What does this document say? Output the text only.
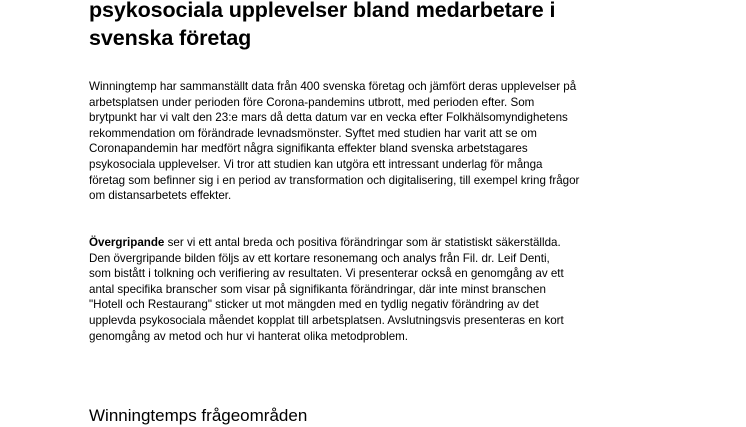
psykosociala upplevelser bland medarbetare i
svenska företag

Winningtemp har sammanställt data från 400 svenska företag och jämfört deras upplevelser på
arbetsplatsen under perioden före Corona-pandemins utbrott, med perioden efter. Som
brytpunkt har vi valt den 23:e mars då detta datum var en vecka efter Folkhälsomyndighetens
rekommendation om förändrade levnadsmönster. Syftet med studien har varit att se om
Coronapandemin har medfört några signifikanta effekter bland svenska arbetstagares
psykosociala upplevelser. Vi tror att studien kan utgöra ett intressant underlag för många
företag som befinner sig i en period av transformation och digitalisering, till exempel kring frågor
om distansarbetets effekter.

Övergripande ser vi ett antal breda och positiva förändringar som är statistiskt säkerställda.
Den övergripande bilden följs av ett kortare resonemang och analys från Fil. dr. Leif Denti,
som bistått i tolkning och verifiering av resultaten. Vi presenterar också en genomgång av ett
antal specifika branscher som visar på signifikanta förändringar, där inte minst branschen
"Hotell och Restaurang" sticker ut mot mängden med en tydlig negativ förändring av det
upplevda psykosociala måendet kopplat till arbetsplatsen. Avslutningsvis presenteras en kort
genomgång av metod och hur vi hanterat olika metodproblem.

Winningtemps frågeområden
